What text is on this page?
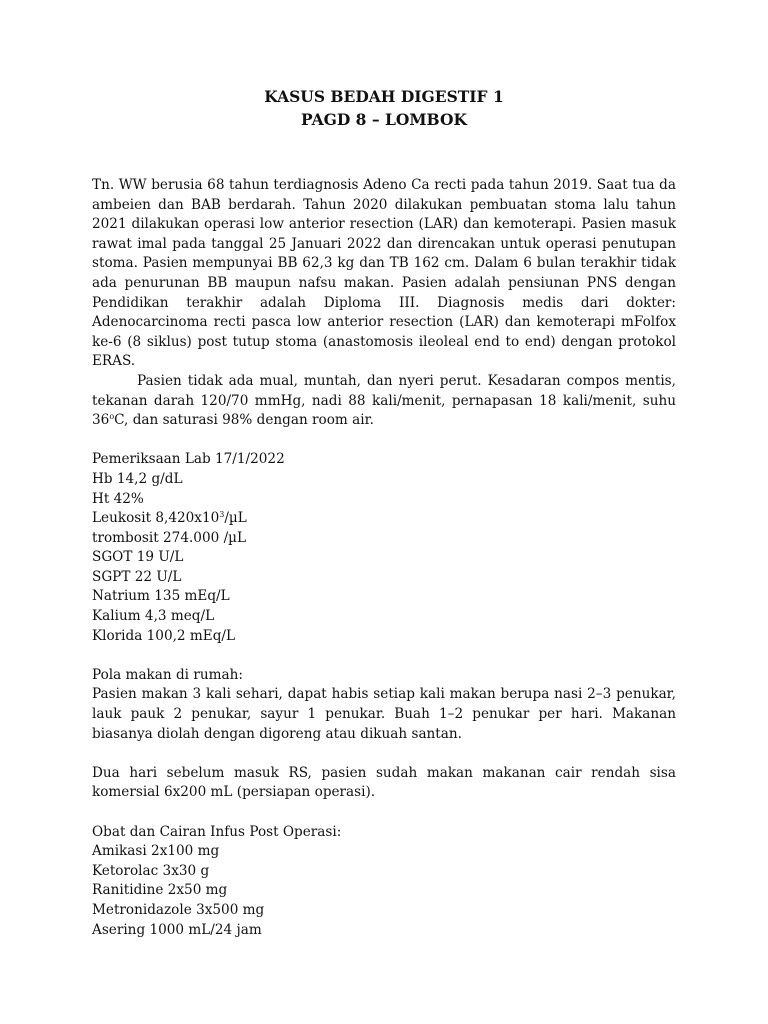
KASUS BEDAH DIGESTIF 1
PAGD 8 – LOMBOK

Tn. WW berusia 68 tahun terdiagnosis Adeno Ca recti pada tahun 2019. Saat tua da ambeien dan BAB berdarah. Tahun 2020 dilakukan pembuatan stoma lalu tahun 2021 dilakukan operasi low anterior resection (LAR) dan kemoterapi. Pasien masuk rawat imal pada tanggal 25 Januari 2022 dan direncakan untuk operasi penutupan stoma. Pasien mempunyai BB 62,3 kg dan TB 162 cm. Dalam 6 bulan terakhir tidak ada penurunan BB maupun nafsu makan. Pasien adalah pensiunan PNS dengan Pendidikan terakhir adalah Diploma III. Diagnosis medis dari dokter: Adenocarcinoma recti pasca low anterior resection (LAR) dan kemoterapi mFolfox ke-6 (8 siklus) post tutup stoma (anastomosis ileoleal end to end) dengan protokol ERAS.

Pasien tidak ada mual, muntah, dan nyeri perut. Kesadaran compos mentis, tekanan darah 120/70 mmHg, nadi 88 kali/menit, pernapasan 18 kali/menit, suhu 36$^o$C, dan saturasi 98% dengan room air.

Pemeriksaan Lab 17/1/2022

Hb 14,2 g/dL

Ht 42%

Leukosit $8,420x10^3/\mu L$

trombosit 274.000 /µL

SGOT 19 U/L

SGPT 22 U/L

Natrium 135 mEq/L

Kalium 4,3 meq/L

Klorida 100,2 mEq/L

Pola makan di rumah:

Pasien makan 3 kali sehari, dapat habis setiap kali makan berupa nasi 2–3 penukar, lauk pauk 2 penukar, sayur 1 penukar. Buah 1–2 penukar per hari. Makanan biasanya diolah dengan digoreng atau dikuah santan.

Dua hari sebelum masuk RS, pasien sudah makan makanan cair rendah sisa komersial 6x200 mL (persiapan operasi).

Obat dan Cairan Infus Post Operasi:

Amikasi 2x100 mg

Ketorolac 3x30 g

Ranitidine 2x50 mg

Metronidazole 3x500 mg

Asering 1000 mL/24 jam
